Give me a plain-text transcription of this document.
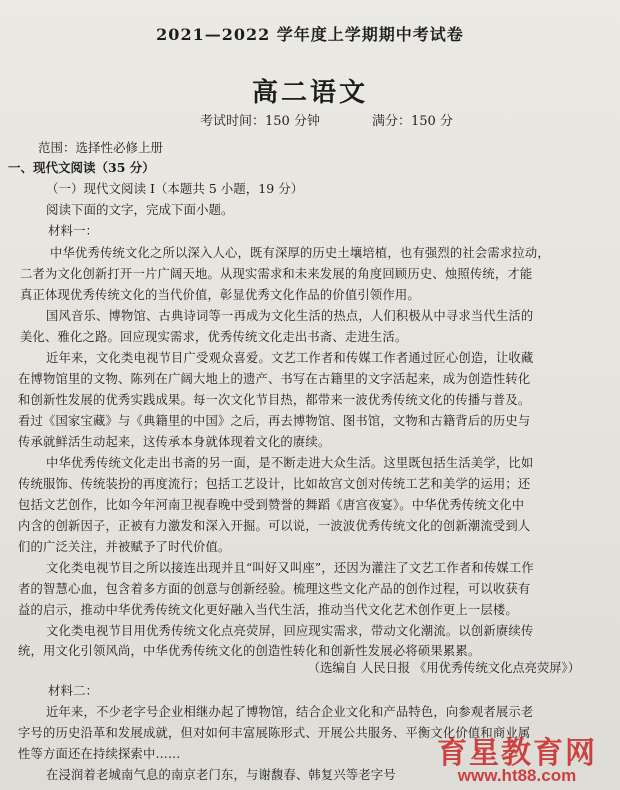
2021—2022 学年度上学期期中考试卷
高二语文
考试时间：150 分钟	满分：150 分
范围：选择性必修上册
一、现代文阅读（35 分）
（一）现代文阅读 I（本题共 5 小题，19 分）
阅读下面的文字，完成下面小题。
材料一：
中华优秀传统文化之所以深入人心，既有深厚的历史土壤培植，也有强烈的社会需求拉动，
二者为文化创新打开一片广阔天地。从现实需求和未来发展的角度回顾历史、烛照传统，才能
真正体现优秀传统文化的当代价值，彰显优秀文化作品的价值引领作用。
国风音乐、博物馆、古典诗词等一再成为文化生活的热点，人们积极从中寻求当代生活的
美化、雅化之路。回应现实需求，优秀传统文化走出书斋、走进生活。
近年来，文化类电视节目广受观众喜爱。文艺工作者和传媒工作者通过匠心创造，让收藏
在博物馆里的文物、陈列在广阔大地上的遗产、书写在古籍里的文字活起来，成为创造性转化
和创新性发展的优秀实践成果。每一次文化节目热，都带来一波优秀传统文化的传播与普及。
看过《国家宝藏》与《典籍里的中国》之后，再去博物馆、图书馆，文物和古籍背后的历史与
传承就鲜活生动起来，这传承本身就体现着文化的赓续。
中华优秀传统文化走出书斋的另一面，是不断走进大众生活。这里既包括生活美学，比如
传统服饰、传统装扮的再度流行；包括工艺设计，比如故宫文创对传统工艺和美学的运用；还
包括文艺创作，比如今年河南卫视春晚中受到赞誉的舞蹈《唐宫夜宴》。中华优秀传统文化中
内含的创新因子，正被有力激发和深入开掘。可以说，一波波优秀传统文化的创新潮流受到人
们的广泛关注，并被赋予了时代价值。
文化类电视节目之所以接连出现并且“叫好又叫座”，还因为灌注了文艺工作者和传媒工作
者的智慧心血，包含着多方面的创意与创新经验。梳理这些文化产品的创作过程，可以收获有
益的启示，推动中华优秀传统文化更好融入当代生活，推动当代文化艺术创作更上一层楼。
文化类电视节目用优秀传统文化点亮荧屏，回应现实需求，带动文化潮流。以创新赓续传
统，用文化引领风尚，中华优秀传统文化的创造性转化和创新性发展必将硕果累累。
（选编自 人民日报 《用优秀传统文化点亮荧屏》）
材料二：
近年来，不少老字号企业相继办起了博物馆，结合企业文化和产品特色，向参观者展示老
字号的历史沿革和发展成就，但对如何丰富展陈形式、开展公共服务、平衡文化价值和商业属
性等方面还在持续探索中……
在浸润着老城南气息的南京老门东，与谢馥春、韩复兴等老字号
育星教育网
www.ht88.com
